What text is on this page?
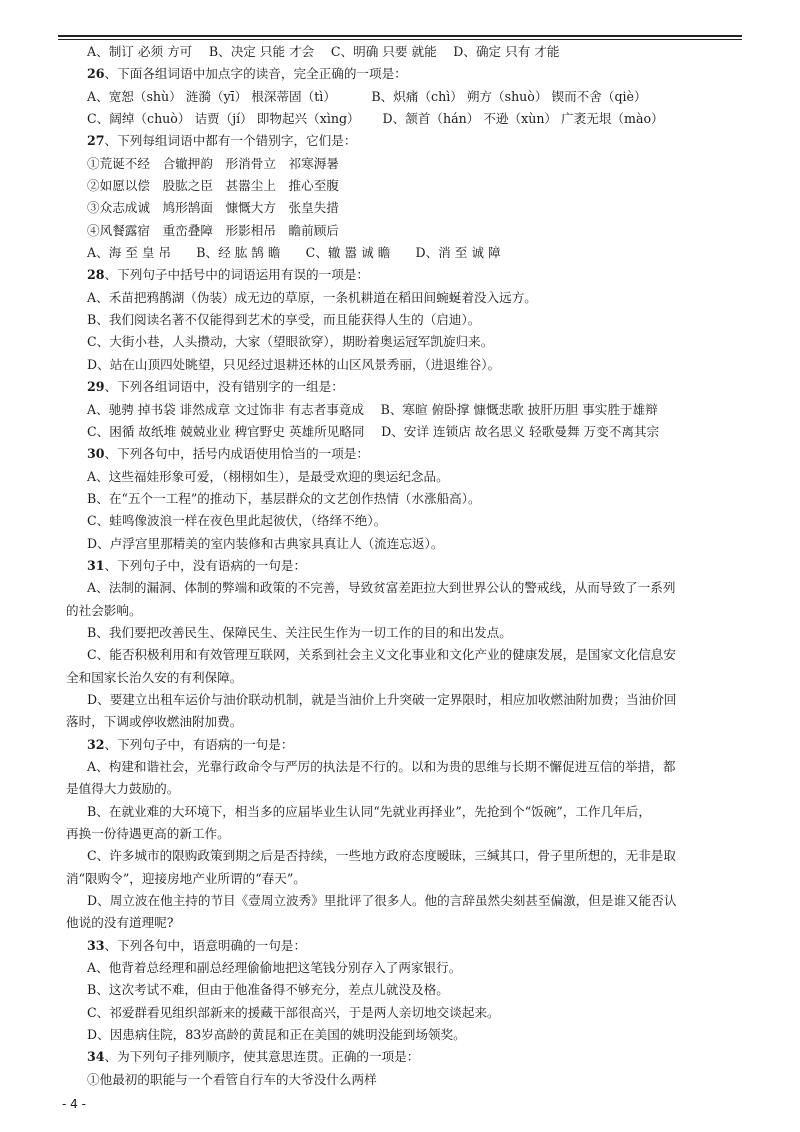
A、制订 必须 方可　 B、决定 只能 才会　 C、明确 只要 就能　 D、确定 只有 才能
26、下面各组词语中加点字的读音，完全正确的一项是：
A、宽恕（shù） 涟漪（yī） 根深蒂固（tì）　　　 B、炽痛（chì） 朔方（shuò） 锲而不舍（qiè）
C、阔绰（chuò） 诘贾（jí） 即物起兴（xìng）　　 D、颔首（hán） 不逊（xùn） 广袤无垠（mào）
27、下列每组词语中都有一个错别字，它们是：
①荒诞不经　合辙押韵　形消骨立　祁寒溽暑
②如愿以偿　股肱之臣　甚嚣尘上　推心至腹
③众志成诚　鸠形鹄面　慷慨大方　张皇失措
④风餐露宿　重峦叠障　形影相吊　瞻前顾后
A、海 至 皇 吊　　B、经 肱 鹄 瞻　　C、辙 嚣 诚 瞻　　D、消 至 诚 障
28、下列句子中括号中的词语运用有误的一项是：
A、禾苗把鸦鹊湖（伪装）成无边的草原，一条机耕道在稻田间蜿蜒着没入远方。
B、我们阅读名著不仅能得到艺术的享受，而且能获得人生的（启迪）。
C、大街小巷，人头攒动，大家（望眼欲穿），期盼着奥运冠军凯旋归来。
D、站在山顶四处眺望，只见经过退耕还林的山区风景秀丽，（进退维谷）。
29、下列各组词语中，没有错别字的一组是：
A、驰骋 掉书袋 诽然成章 文过饰非 有志者事竟成　 B、寒暄 俯卧撑 慷慨悲歌 披肝历胆 事实胜于雄辩
C、困循 故纸堆 兢兢业业 稗官野史 英雄所见略同　 D、安详 连锁店 故名思义 轻歌曼舞 万变不离其宗
30、下列各句中，括号内成语使用恰当的一项是：
A、这些福娃形象可爱，（栩栩如生），是最受欢迎的奥运纪念品。
B、在“五个一工程”的推动下，基层群众的文艺创作热情（水涨船高）。
C、蛙鸣像波浪一样在夜色里此起彼伏，（络绎不绝）。
D、卢浮宫里那精美的室内装修和古典家具真让人（流连忘返）。
31、下列句子中，没有语病的一句是：
A、法制的漏洞、体制的弊端和政策的不完善，导致贫富差距拉大到世界公认的警戒线，从而导致了一系列
的社会影响。
B、我们要把改善民生、保障民生、关注民生作为一切工作的目的和出发点。
C、能否积极利用和有效管理互联网，关系到社会主义文化事业和文化产业的健康发展，是国家文化信息安
全和国家长治久安的有利保障。
D、要建立出租车运价与油价联动机制，就是当油价上升突破一定界限时，相应加收燃油附加费；当油价回
落时，下调或停收燃油附加费。
32、下列句子中，有语病的一句是：
A、构建和谐社会，光靠行政命令与严厉的执法是不行的。以和为贵的思维与长期不懈促进互信的举措，都
是值得大力鼓励的。
B、在就业难的大环境下，相当多的应届毕业生认同“先就业再择业”，先抢到个“饭碗”，工作几年后，
再换一份待遇更高的新工作。
C、许多城市的限购政策到期之后是否持续，一些地方政府态度暧昧，三缄其口，骨子里所想的，无非是取
消“限购令”，迎接房地产业所谓的“春天”。
D、周立波在他主持的节目《壹周立波秀》里批评了很多人。他的言辞虽然尖刻甚至偏激，但是谁又能否认
他说的没有道理呢?
33、下列各句中，语意明确的一句是：
A、他背着总经理和副总经理偷偷地把这笔钱分别存入了两家银行。
B、这次考试不难，但由于他准备得不够充分，差点儿就没及格。
C、祁爱群看见组织部新来的援藏干部很高兴，于是两人亲切地交谈起来。
D、因患病住院，83岁高龄的黄昆和正在美国的姚明没能到场领奖。
34、为下列句子排列顺序，使其意思连贯。正确的一项是：
①他最初的职能与一个看管自行车的大爷没什么两样
- 4 -
